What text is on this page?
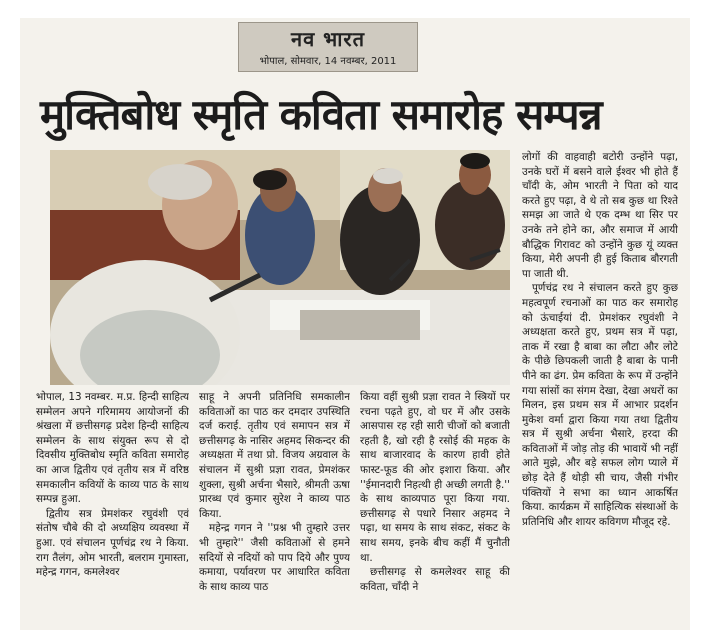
नव भारत
भोपाल, सोमवार, 14 नवम्बर, 2011
मुक्तिबोध स्मृति कविता समारोह सम्पन्न

भोपाल, 13 नवम्बर. म.प्र. हिन्दी साहित्य सम्मेलन अपने गरिमामय आयोजनों की श्रंखला में छत्तीसगढ़ प्रदेश हिन्दी साहित्य सम्मेलन के साथ संयुक्त रूप से दो दिवसीय मुक्तिबोध स्मृति कविता समारोह का आज द्वितीय एवं तृतीय सत्र में वरिष्ठ समकालीन कवियों के काव्य पाठ के साथ सम्पन्न हुआ.

द्वितीय सत्र प्रेमशंकर रघुवंशी एवं संतोष चौबे की दो अध्यक्षिय व्यवस्था में हुआ. एवं संचालन पूर्णचंद्र रथ ने किया. राग तैलंग, ओम भारती, बलराम गुमास्ता, महेन्द्र गगन, कमलेश्वर

साहू ने अपनी प्रतिनिधि समकालीन कविताओं का पाठ कर दमदार उपस्थिति दर्ज कराई. तृतीय एवं समापन सत्र में छत्तीसगढ़ के नासिर अहमद सिकन्दर की अध्यक्षता में तथा प्रो. विजय अग्रवाल के संचालन में सुश्री प्रज्ञा रावत, प्रेमशंकर शुक्ला, सुश्री अर्चना भैसारे, श्रीमती ऊषा प्रारब्ध एवं कुमार सुरेश ने काव्य पाठ किया.

महेन्द्र गगन ने ''प्रश्न भी तुम्हारे उत्तर भी तुम्हारे'' जैसी कविताओं से हमने सदियों से नदियों को पाप दिये और पुण्य कमाया, पर्यावरण पर आधारित कविता के साथ काव्य पाठ

किया वहीं सुश्री प्रज्ञा रावत ने स्त्रियों पर रचना पढ़ते हुए, वो घर में और उसके आसपास रह रही सारी चीजों को बजाती रहती है, खो रही है रसोई की महक के साथ बाजारवाद के कारण हावी होते फास्ट-फूड की ओर इशारा किया. और ''ईमानदारी निहत्थी ही अच्छी लगती है.'' के साथ काव्यपाठ पूरा किया गया. छत्तीसगढ़ से पधारे निसार अहमद ने पढ़ा, था समय के साथ संकट, संकट के साथ समय, इनके बीच कहीं मैं चुनौती था.

छत्तीसगढ़ से कमलेश्वर साहू की कविता, चाँदी ने

लोगों की वाहवाही बटोरी उन्होंने पढ़ा, उनके घरों में बसने वाले ईश्वर भी होते हैं चाँदी के, ओम भारती ने पिता को याद करते हुए पढ़ा, वे थे तो सब कुछ था रिश्ते समझ आ जाते थे एक दम्भ था सिर पर उनके तने होने का, और समाज में आयी बौद्धिक गिरावट को उन्होंने कुछ यूं व्यक्त किया, मेरी अपनी ही हुई किताब बौरगती पा जाती थी.

पूर्णचंद्र रथ ने संचालन करते हुए कुछ महत्वपूर्ण रचनाओं का पाठ कर समारोह को ऊंचाईयां दी. प्रेमशंकर रघुवंशी ने अध्यक्षता करते हुए, प्रथम सत्र में पढ़ा, ताक में रखा है बाबा का लौटा और लोटे के पीछे छिपकली जाती है बाबा के पानी पीने का ढंग. प्रेम कविता के रूप में उन्होंने गया सांसों का संगम देखा, देखा अधरों का मिलन, इस प्रथम सत्र में आभार प्रदर्शन मुकेश वर्मा द्वारा किया गया तथा द्वितीय सत्र में सुश्री अर्चना भैसारे, हरदा की कविताओं में जोड़ तोड़ की भावायें भी नहीं आते मुझे, और बड़े सफल लोग प्याले में छोड़ देते हैं थोड़ी सी चाय, जैसी गंभीर पंक्तियों ने सभा का ध्यान आकर्षित किया. कार्यक्रम में साहित्यिक संस्थाओं के प्रतिनिधि और शायर कविगण मौजूद रहे.
